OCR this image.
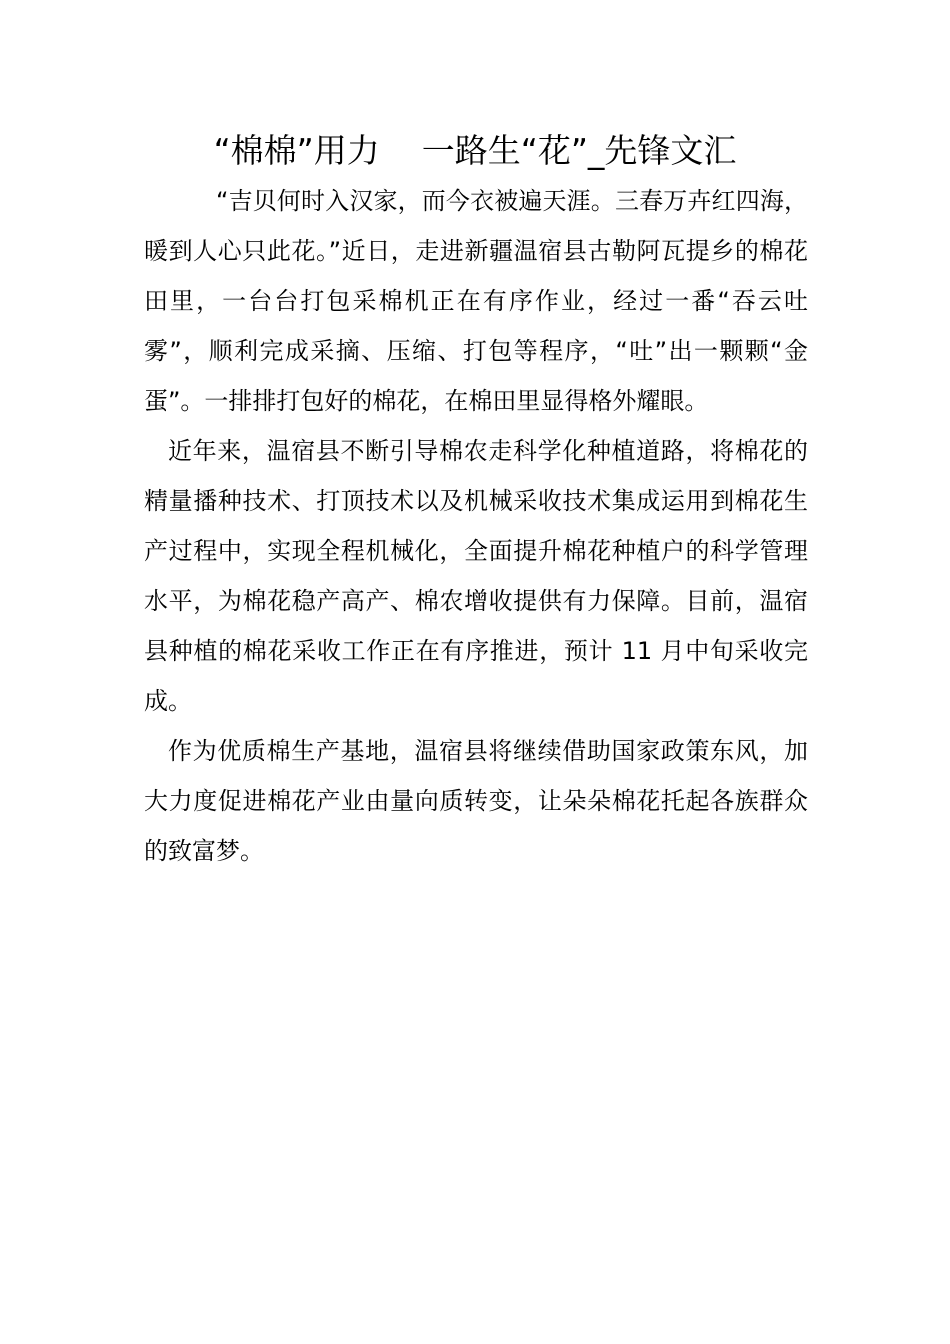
“棉棉”用力    一路生“花”_先锋文汇

“吉贝何时入汉家，而今衣被遍天涯。三春万卉红四海，暖到人心只此花。”近日，走进新疆温宿县古勒阿瓦提乡的棉花田里，一台台打包采棉机正在有序作业，经过一番“吞云吐雾”，顺利完成采摘、压缩、打包等程序，“吐”出一颗颗“金蛋”。一排排打包好的棉花，在棉田里显得格外耀眼。

近年来，温宿县不断引导棉农走科学化种植道路，将棉花的精量播种技术、打顶技术以及机械采收技术集成运用到棉花生产过程中，实现全程机械化，全面提升棉花种植户的科学管理水平，为棉花稳产高产、棉农增收提供有力保障。目前，温宿县种植的棉花采收工作正在有序推进，预计 11 月中旬采收完成。

作为优质棉生产基地，温宿县将继续借助国家政策东风，加大力度促进棉花产业由量向质转变，让朵朵棉花托起各族群众的致富梦。
